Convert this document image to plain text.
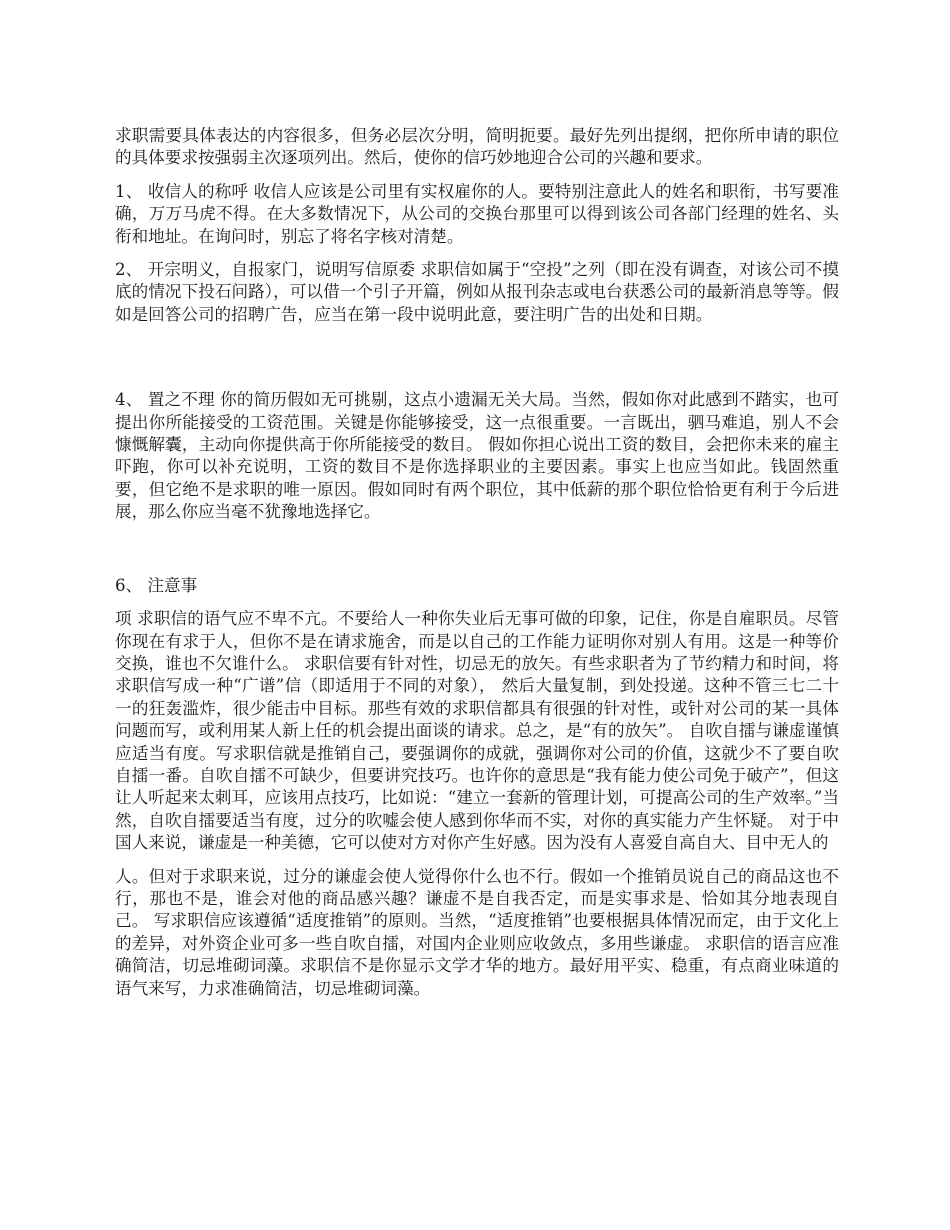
求职需要具体表达的内容很多，但务必层次分明，简明扼要。最好先列出提纲，把你所申请的职位的具体要求按强弱主次逐项列出。然后，使你的信巧妙地迎合公司的兴趣和要求。

1、 收信人的称呼 收信人应该是公司里有实权雇你的人。要特别注意此人的姓名和职衔，书写要准确，万万马虎不得。在大多数情况下，从公司的交换台那里可以得到该公司各部门经理的姓名、头衔和地址。在询问时，别忘了将名字核对清楚。

2、 开宗明义，自报家门，说明写信原委 求职信如属于“空投”之列（即在没有调查，对该公司不摸底的情况下投石问路），可以借一个引子开篇，例如从报刊杂志或电台获悉公司的最新消息等等。假如是回答公司的招聘广告，应当在第一段中说明此意，要注明广告的出处和日期。

4、 置之不理 你的简历假如无可挑剔，这点小遗漏无关大局。当然，假如你对此感到不踏实，也可提出你所能接受的工资范围。关键是你能够接受，这一点很重要。一言既出，驷马难追，别人不会慷慨解囊，主动向你提供高于你所能接受的数目。 假如你担心说出工资的数目，会把你未来的雇主吓跑，你可以补充说明，工资的数目不是你选择职业的主要因素。事实上也应当如此。钱固然重要，但它绝不是求职的唯一原因。假如同时有两个职位，其中低薪的那个职位恰恰更有利于今后进展，那么你应当毫不犹豫地选择它。

6、 注意事

项 求职信的语气应不卑不亢。不要给人一种你失业后无事可做的印象，记住，你是自雇职员。尽管你现在有求于人，但你不是在请求施舍，而是以自己的工作能力证明你对别人有用。这是一种等价交换，谁也不欠谁什么。 求职信要有针对性，切忌无的放矢。有些求职者为了节约精力和时间，将求职信写成一种“广谱”信（即适用于不同的对象）， 然后大量复制，到处投递。这种不管三七二十一的狂轰滥炸，很少能击中目标。那些有效的求职信都具有很强的针对性，或针对公司的某一具体问题而写，或利用某人新上任的机会提出面谈的请求。总之，是“有的放矢”。 自吹自擂与谦虚谨慎应适当有度。写求职信就是推销自己，要强调你的成就，强调你对公司的价值，这就少不了要自吹自擂一番。自吹自擂不可缺少，但要讲究技巧。也许你的意思是“我有能力使公司免于破产”，但这让人听起来太刺耳，应该用点技巧，比如说：“建立一套新的管理计划，可提高公司的生产效率。”当然，自吹自擂要适当有度，过分的吹嘘会使人感到你华而不实，对你的真实能力产生怀疑。 对于中国人来说，谦虚是一种美德，它可以使对方对你产生好感。因为没有人喜爱自高自大、目中无人的

人。但对于求职来说，过分的谦虚会使人觉得你什么也不行。假如一个推销员说自己的商品这也不行，那也不是，谁会对他的商品感兴趣？谦虚不是自我否定，而是实事求是、恰如其分地表现自己。 写求职信应该遵循“适度推销”的原则。当然，“适度推销”也要根据具体情况而定，由于文化上的差异，对外资企业可多一些自吹自擂，对国内企业则应收敛点，多用些谦虚。 求职信的语言应准确简洁，切忌堆砌词藻。求职信不是你显示文学才华的地方。最好用平实、稳重，有点商业味道的语气来写，力求准确简洁，切忌堆砌词藻。
